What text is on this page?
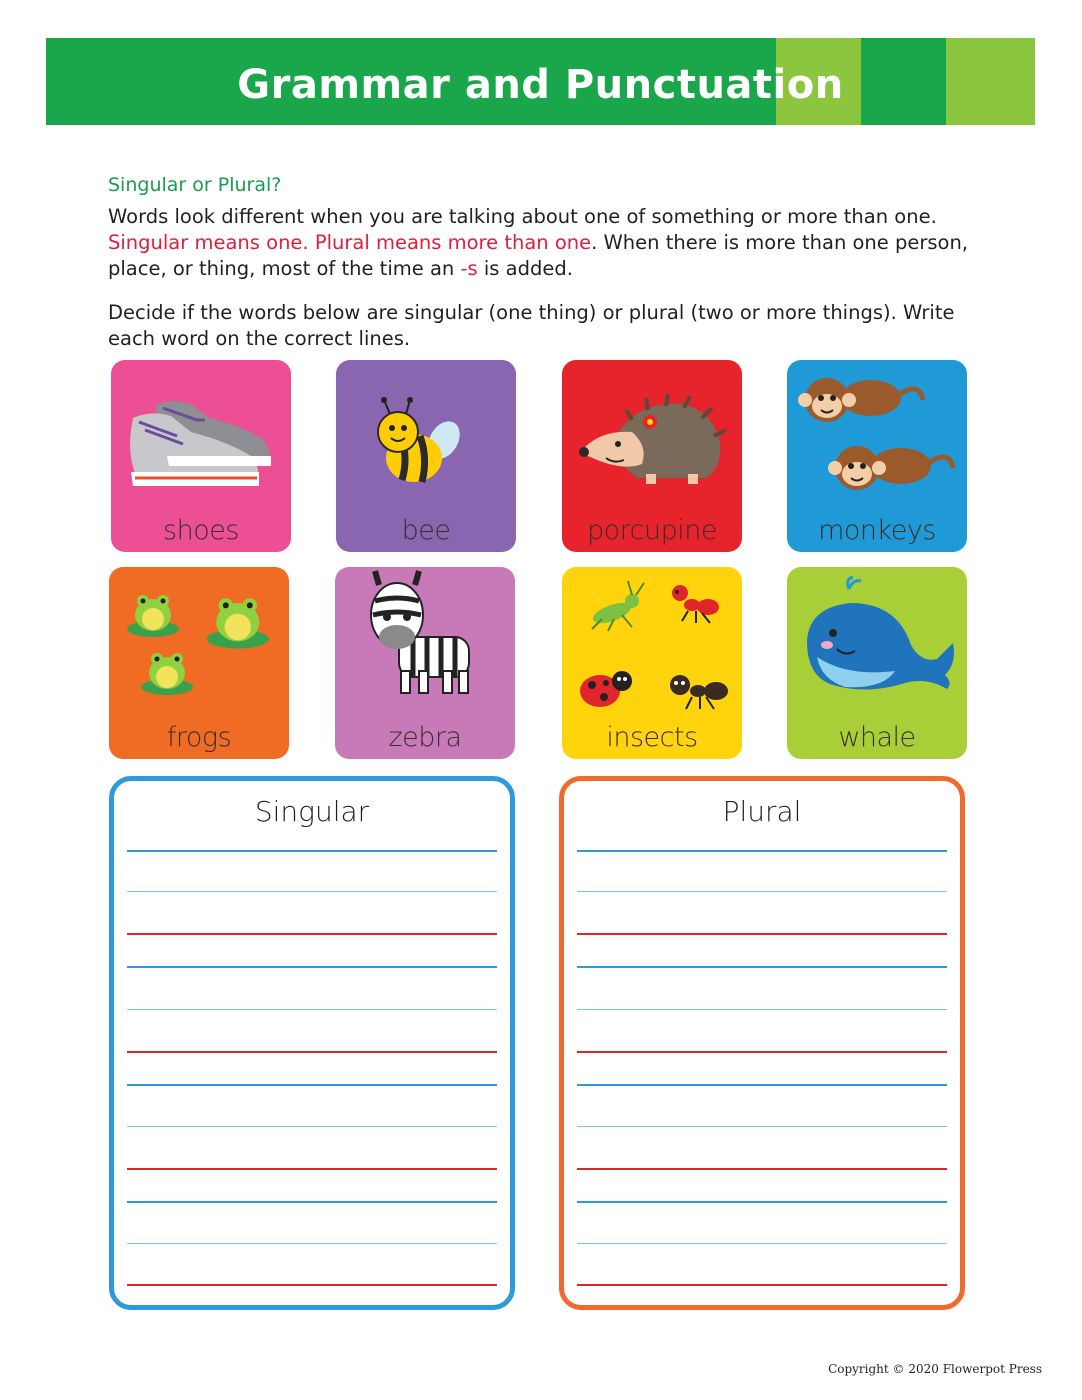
Grammar and Punctuation
Singular or Plural?

Words look different when you are talking about one of something or more than one. Singular means one. Plural means more than one. When there is more than one person, place, or thing, most of the time an -s is added.

Decide if the words below are singular (one thing) or plural (two or more things). Write each word on the correct lines.

shoes	bee	porcupine	monkeys
frogs	zebra	insects	whale
Singular	Plural
Copyright © 2020 Flowerpot Press
